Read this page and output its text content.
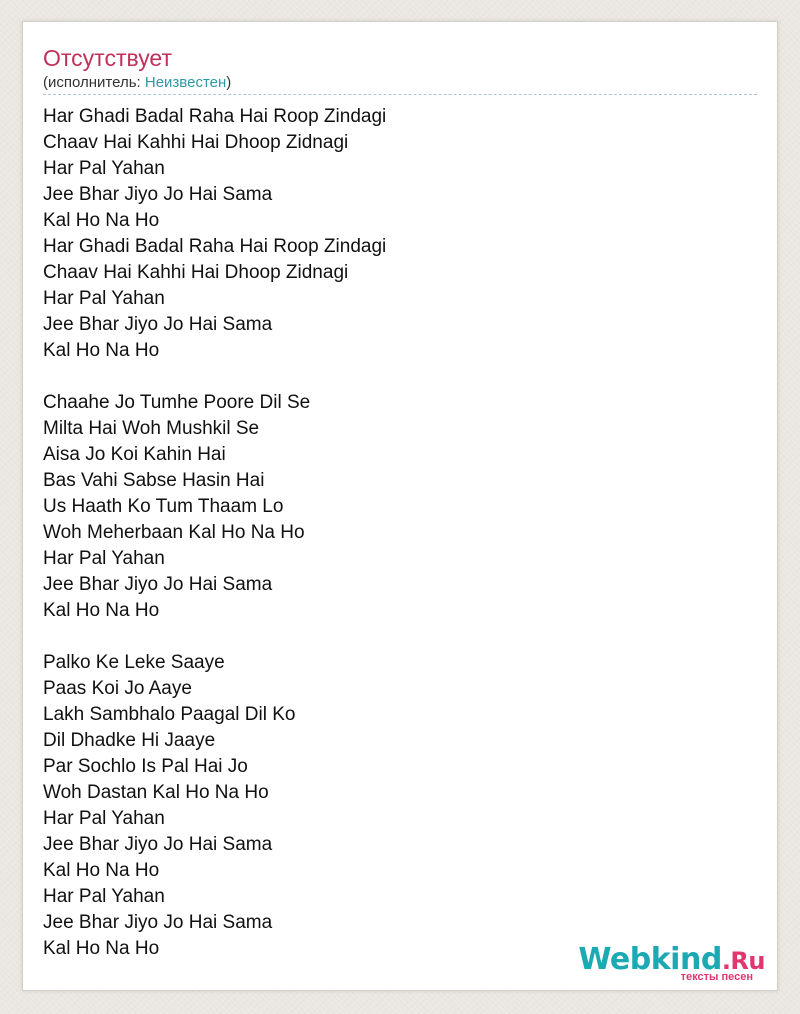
Отсутствует
(исполнитель: Неизвестен)
Har Ghadi Badal Raha Hai Roop Zindagi
Chaav Hai Kahhi Hai Dhoop Zidnagi
Har Pal Yahan
Jee Bhar Jiyo Jo Hai Sama
Kal Ho Na Ho
Har Ghadi Badal Raha Hai Roop Zindagi
Chaav Hai Kahhi Hai Dhoop Zidnagi
Har Pal Yahan
Jee Bhar Jiyo Jo Hai Sama
Kal Ho Na Ho
Chaahe Jo Tumhe Poore Dil Se
Milta Hai Woh Mushkil Se
Aisa Jo Koi Kahin Hai
Bas Vahi Sabse Hasin Hai
Us Haath Ko Tum Thaam Lo
Woh Meherbaan Kal Ho Na Ho
Har Pal Yahan
Jee Bhar Jiyo Jo Hai Sama
Kal Ho Na Ho
Palko Ke Leke Saaye
Paas Koi Jo Aaye
Lakh Sambhalo Paagal Dil Ko
Dil Dhadke Hi Jaaye
Par Sochlo Is Pal Hai Jo
Woh Dastan Kal Ho Na Ho
Har Pal Yahan
Jee Bhar Jiyo Jo Hai Sama
Kal Ho Na Ho
Har Pal Yahan
Jee Bhar Jiyo Jo Hai Sama
Kal Ho Na Ho	Webkind.Ru
тексты песен
